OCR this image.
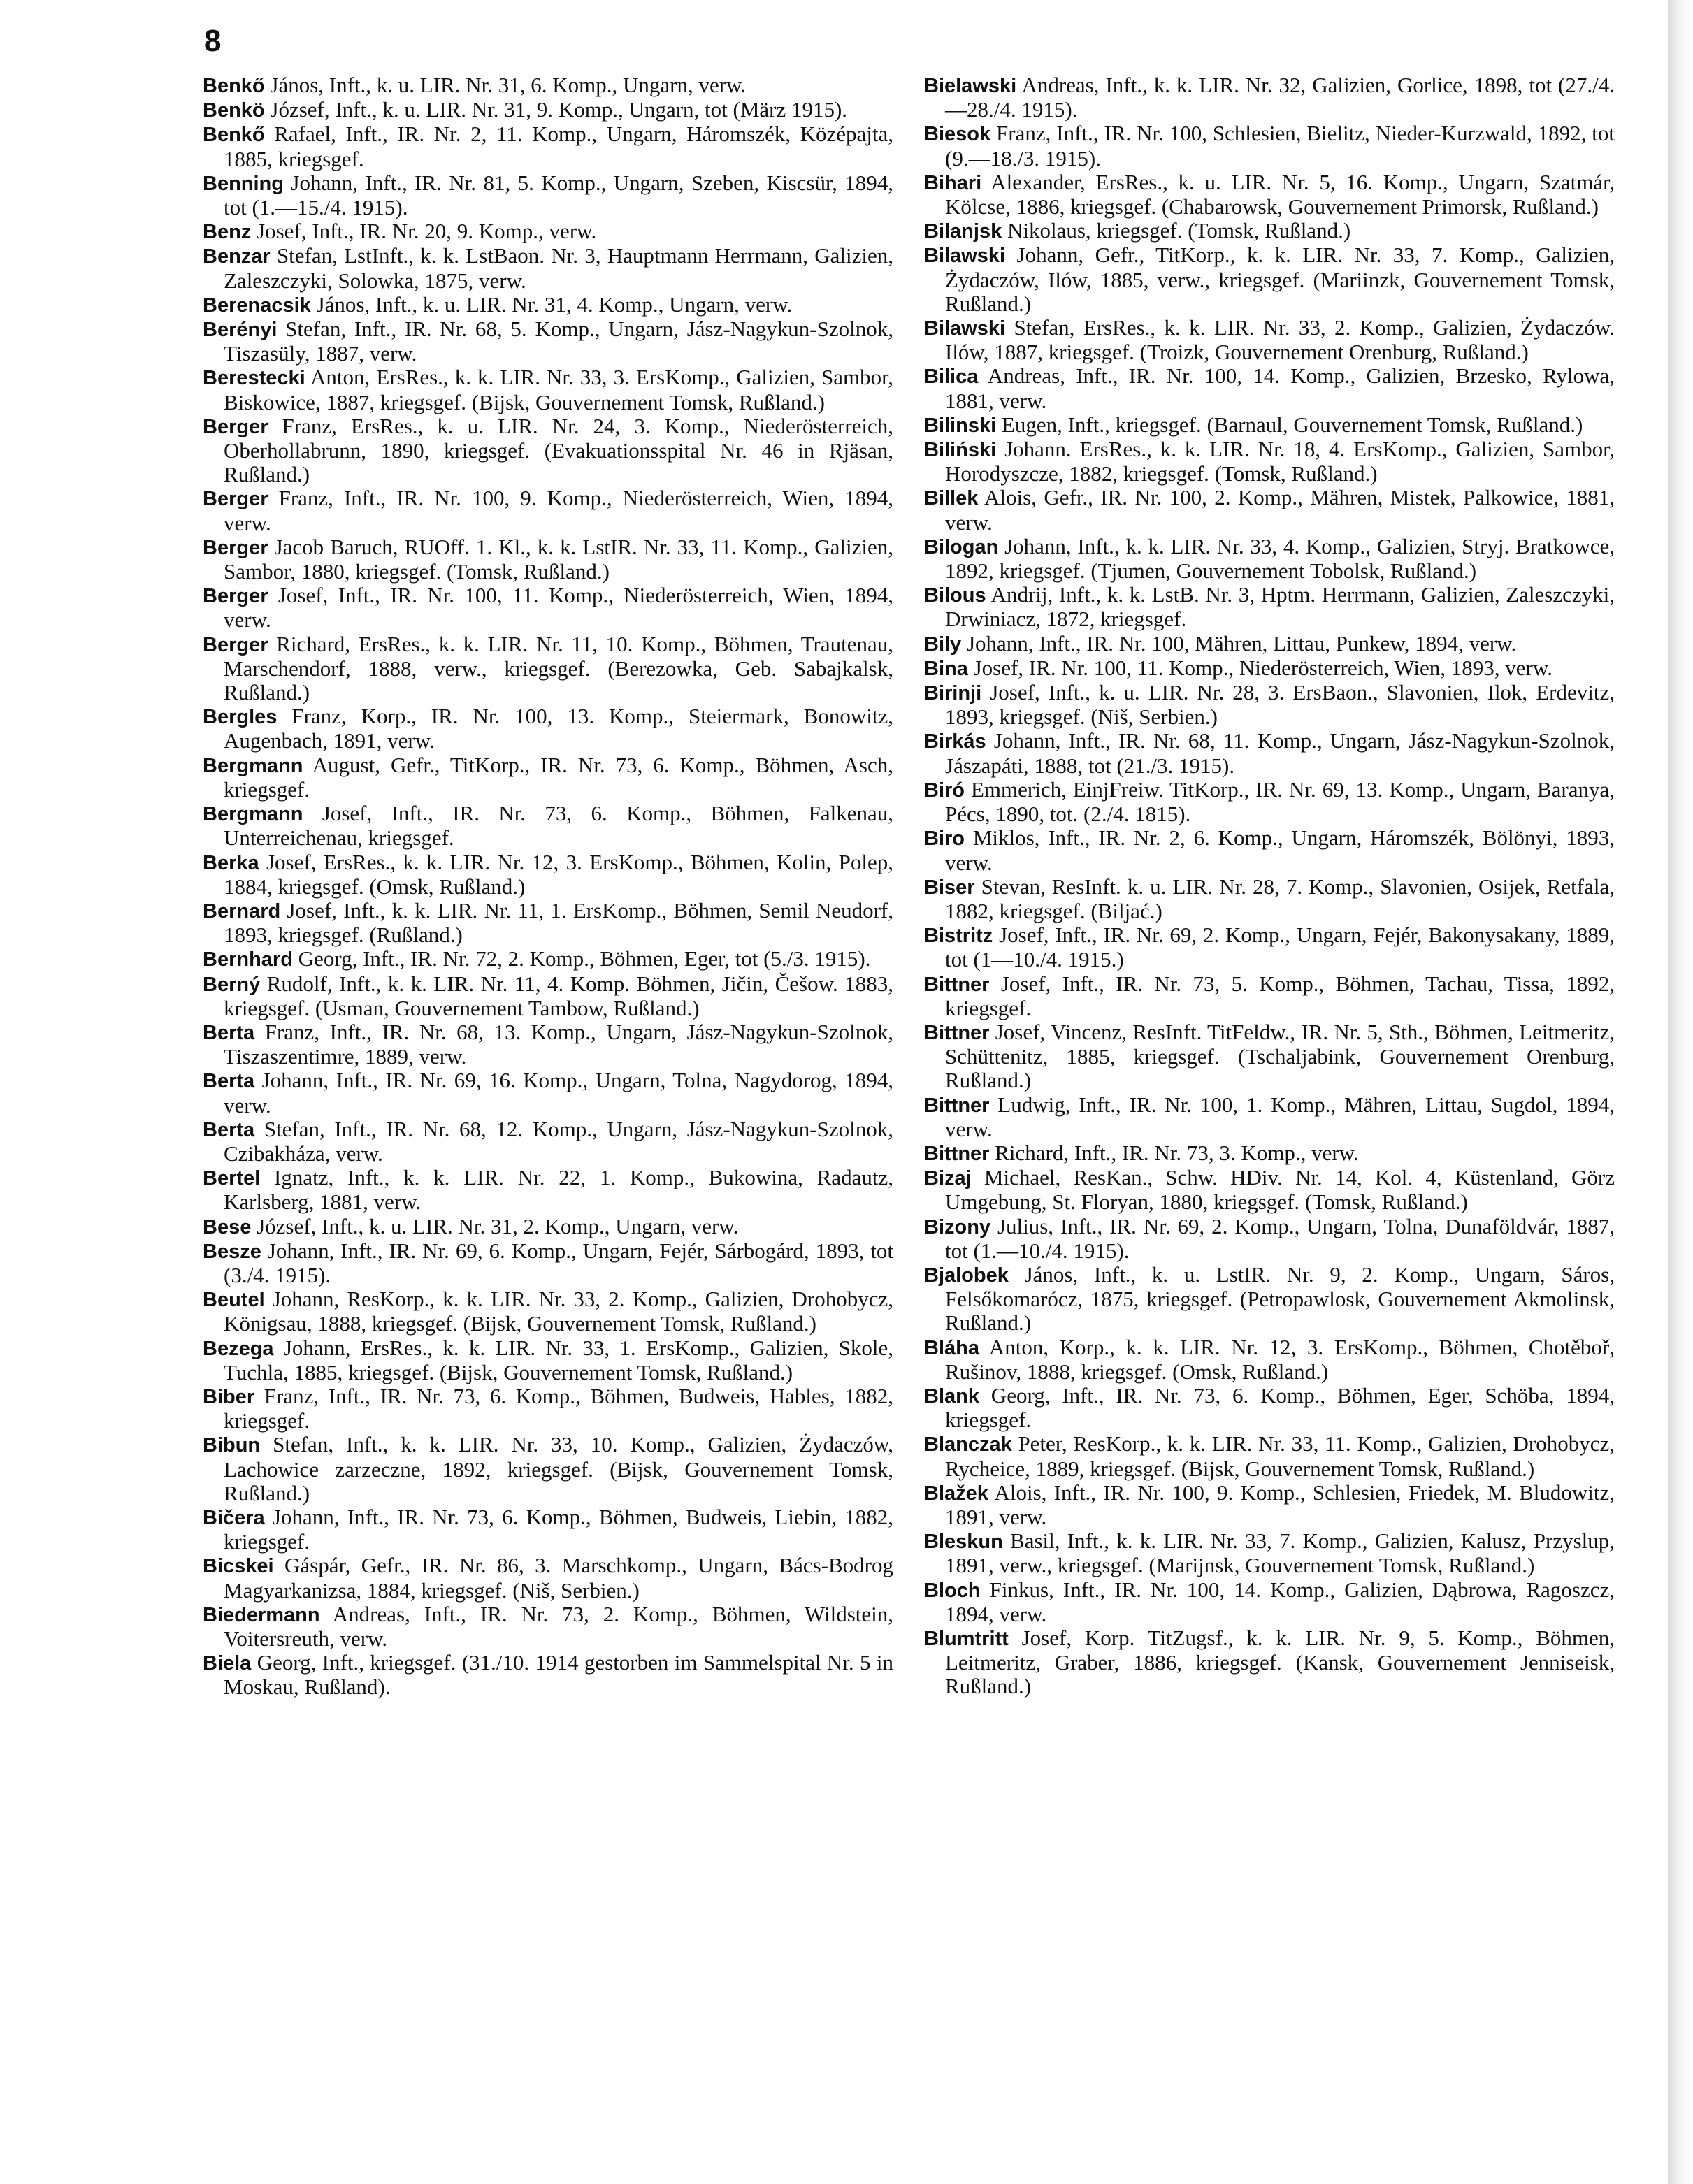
8

Benkő János, Inft., k. u. LIR. Nr. 31, 6. Komp., Ungarn, verw.

Benkö József, Inft., k. u. LIR. Nr. 31, 9. Komp., Ungarn, tot (März 1915).

Benkő Rafael, Inft., IR. Nr. 2, 11. Komp., Ungarn, Háromszék, Középajta, 1885, kriegsgef.

Benning Johann, Inft., IR. Nr. 81, 5. Komp., Ungarn, Szeben, Kiscsür, 1894, tot (1.—15./4. 1915).

Benz Josef, Inft., IR. Nr. 20, 9. Komp., verw.

Benzar Stefan, LstInft., k. k. LstBaon. Nr. 3, Hauptmann Herrmann, Galizien, Zaleszczyki, Solowka, 1875, verw.

Berenacsik János, Inft., k. u. LIR. Nr. 31, 4. Komp., Ungarn, verw.

Berényi Stefan, Inft., IR. Nr. 68, 5. Komp., Ungarn, Jász-Nagykun-Szolnok, Tiszasüly, 1887, verw.

Berestecki Anton, ErsRes., k. k. LIR. Nr. 33, 3. ErsKomp., Galizien, Sambor, Biskowice, 1887, kriegsgef. (Bijsk, Gouvernement Tomsk, Rußland.)

Berger Franz, ErsRes., k. u. LIR. Nr. 24, 3. Komp., Niederösterreich, Oberhollabrunn, 1890, kriegsgef. (Evakuationsspital Nr. 46 in Rjäsan, Rußland.)

Berger Franz, Inft., IR. Nr. 100, 9. Komp., Niederösterreich, Wien, 1894, verw.

Berger Jacob Baruch, RUOff. 1. Kl., k. k. LstIR. Nr. 33, 11. Komp., Galizien, Sambor, 1880, kriegsgef. (Tomsk, Rußland.)

Berger Josef, Inft., IR. Nr. 100, 11. Komp., Niederösterreich, Wien, 1894, verw.

Berger Richard, ErsRes., k. k. LIR. Nr. 11, 10. Komp., Böhmen, Trautenau, Marschendorf, 1888, verw., kriegsgef. (Berezowka, Geb. Sabajkalsk, Rußland.)

Bergles Franz, Korp., IR. Nr. 100, 13. Komp., Steiermark, Bonowitz, Augenbach, 1891, verw.

Bergmann August, Gefr., TitKorp., IR. Nr. 73, 6. Komp., Böhmen, Asch, kriegsgef.

Bergmann Josef, Inft., IR. Nr. 73, 6. Komp., Böhmen, Falkenau, Unterreichenau, kriegsgef.

Berka Josef, ErsRes., k. k. LIR. Nr. 12, 3. ErsKomp., Böhmen, Kolin, Polep, 1884, kriegsgef. (Omsk, Rußland.)

Bernard Josef, Inft., k. k. LIR. Nr. 11, 1. ErsKomp., Böhmen, Semil Neudorf, 1893, kriegsgef. (Rußland.)

Bernhard Georg, Inft., IR. Nr. 72, 2. Komp., Böhmen, Eger, tot (5./3. 1915).

Berný Rudolf, Inft., k. k. LIR. Nr. 11, 4. Komp. Böhmen, Jičin, Češow. 1883, kriegsgef. (Usman, Gouvernement Tambow, Rußland.)

Berta Franz, Inft., IR. Nr. 68, 13. Komp., Ungarn, Jász-Nagykun-Szolnok, Tiszaszentimre, 1889, verw.

Berta Johann, Inft., IR. Nr. 69, 16. Komp., Ungarn, Tolna, Nagydorog, 1894, verw.

Berta Stefan, Inft., IR. Nr. 68, 12. Komp., Ungarn, Jász-Nagykun-Szolnok, Czibakháza, verw.

Bertel Ignatz, Inft., k. k. LIR. Nr. 22, 1. Komp., Bukowina, Radautz, Karlsberg, 1881, verw.

Bese József, Inft., k. u. LIR. Nr. 31, 2. Komp., Ungarn, verw.

Besze Johann, Inft., IR. Nr. 69, 6. Komp., Ungarn, Fejér, Sárbogárd, 1893, tot (3./4. 1915).

Beutel Johann, ResKorp., k. k. LIR. Nr. 33, 2. Komp., Galizien, Drohobycz, Königsau, 1888, kriegsgef. (Bijsk, Gouvernement Tomsk, Rußland.)

Bezega Johann, ErsRes., k. k. LIR. Nr. 33, 1. ErsKomp., Galizien, Skole, Tuchla, 1885, kriegsgef. (Bijsk, Gouvernement Tomsk, Rußland.)

Biber Franz, Inft., IR. Nr. 73, 6. Komp., Böhmen, Budweis, Hables, 1882, kriegsgef.

Bibun Stefan, Inft., k. k. LIR. Nr. 33, 10. Komp., Galizien, Żydaczów, Lachowice zarzeczne, 1892, kriegsgef. (Bijsk, Gouvernement Tomsk, Rußland.)

Bičera Johann, Inft., IR. Nr. 73, 6. Komp., Böhmen, Budweis, Liebin, 1882, kriegsgef.

Bicskei Gáspár, Gefr., IR. Nr. 86, 3. Marschkomp., Ungarn, Bács-Bodrog Magyarkanizsa, 1884, kriegsgef. (Niš, Serbien.)

Biedermann Andreas, Inft., IR. Nr. 73, 2. Komp., Böhmen, Wildstein, Voitersreuth, verw.

Biela Georg, Inft., kriegsgef. (31./10. 1914 gestorben im Sammelspital Nr. 5 in Moskau, Rußland).

Bielawski Andreas, Inft., k. k. LIR. Nr. 32, Galizien, Gorlice, 1898, tot (27./4.—28./4. 1915).

Biesok Franz, Inft., IR. Nr. 100, Schlesien, Bielitz, Nieder-Kurzwald, 1892, tot (9.—18./3. 1915).

Bihari Alexander, ErsRes., k. u. LIR. Nr. 5, 16. Komp., Ungarn, Szatmár, Kölcse, 1886, kriegsgef. (Chabarowsk, Gouvernement Primorsk, Rußland.)

Bilanjsk Nikolaus, kriegsgef. (Tomsk, Rußland.)

Bilawski Johann, Gefr., TitKorp., k. k. LIR. Nr. 33, 7. Komp., Galizien, Żydaczów, Ilów, 1885, verw., kriegsgef. (Mariinzk, Gouvernement Tomsk, Rußland.)

Bilawski Stefan, ErsRes., k. k. LIR. Nr. 33, 2. Komp., Galizien, Żydaczów. Ilów, 1887, kriegsgef. (Troizk, Gouvernement Orenburg, Rußland.)

Bilica Andreas, Inft., IR. Nr. 100, 14. Komp., Galizien, Brzesko, Rylowa, 1881, verw.

Bilinski Eugen, Inft., kriegsgef. (Barnaul, Gouvernement Tomsk, Rußland.)

Biliński Johann. ErsRes., k. k. LIR. Nr. 18, 4. ErsKomp., Galizien, Sambor, Horodyszcze, 1882, kriegsgef. (Tomsk, Rußland.)

Billek Alois, Gefr., IR. Nr. 100, 2. Komp., Mähren, Mistek, Palkowice, 1881, verw.

Bilogan Johann, Inft., k. k. LIR. Nr. 33, 4. Komp., Galizien, Stryj. Bratkowce, 1892, kriegsgef. (Tjumen, Gouvernement Tobolsk, Rußland.)

Bilous Andrij, Inft., k. k. LstB. Nr. 3, Hptm. Herrmann, Galizien, Zaleszczyki, Drwiniacz, 1872, kriegsgef.

Bily Johann, Inft., IR. Nr. 100, Mähren, Littau, Punkew, 1894, verw.

Bina Josef, IR. Nr. 100, 11. Komp., Niederösterreich, Wien, 1893, verw.

Birinji Josef, Inft., k. u. LIR. Nr. 28, 3. ErsBaon., Slavonien, Ilok, Erdevitz, 1893, kriegsgef. (Niš, Serbien.)

Birkás Johann, Inft., IR. Nr. 68, 11. Komp., Ungarn, Jász-Nagykun-Szolnok, Jászapáti, 1888, tot (21./3. 1915).

Biró Emmerich, EinjFreiw. TitKorp., IR. Nr. 69, 13. Komp., Ungarn, Baranya, Pécs, 1890, tot. (2./4. 1815).

Biro Miklos, Inft., IR. Nr. 2, 6. Komp., Ungarn, Háromszék, Bölönyi, 1893, verw.

Biser Stevan, ResInft. k. u. LIR. Nr. 28, 7. Komp., Slavonien, Osijek, Retfala, 1882, kriegsgef. (Biljać.)

Bistritz Josef, Inft., IR. Nr. 69, 2. Komp., Ungarn, Fejér, Bakonysakany, 1889, tot (1—10./4. 1915.)

Bittner Josef, Inft., IR. Nr. 73, 5. Komp., Böhmen, Tachau, Tissa, 1892, kriegsgef.

Bittner Josef, Vincenz, ResInft. TitFeldw., IR. Nr. 5, Sth., Böhmen, Leitmeritz, Schüttenitz, 1885, kriegsgef. (Tschaljabink, Gouvernement Orenburg, Rußland.)

Bittner Ludwig, Inft., IR. Nr. 100, 1. Komp., Mähren, Littau, Sugdol, 1894, verw.

Bittner Richard, Inft., IR. Nr. 73, 3. Komp., verw.

Bizaj Michael, ResKan., Schw. HDiv. Nr. 14, Kol. 4, Küstenland, Görz Umgebung, St. Floryan, 1880, kriegsgef. (Tomsk, Rußland.)

Bizony Julius, Inft., IR. Nr. 69, 2. Komp., Ungarn, Tolna, Dunaföldvár, 1887, tot (1.—10./4. 1915).

Bjalobek János, Inft., k. u. LstIR. Nr. 9, 2. Komp., Ungarn, Sáros, Felsőkomarócz, 1875, kriegsgef. (Petropawlosk, Gouvernement Akmolinsk, Rußland.)

Bláha Anton, Korp., k. k. LIR. Nr. 12, 3. ErsKomp., Böhmen, Chotěboř, Rušinov, 1888, kriegsgef. (Omsk, Rußland.)

Blank Georg, Inft., IR. Nr. 73, 6. Komp., Böhmen, Eger, Schöba, 1894, kriegsgef.

Blanczak Peter, ResKorp., k. k. LIR. Nr. 33, 11. Komp., Galizien, Drohobycz, Rycheice, 1889, kriegsgef. (Bijsk, Gouvernement Tomsk, Rußland.)

Blažek Alois, Inft., IR. Nr. 100, 9. Komp., Schlesien, Friedek, M. Bludowitz, 1891, verw.

Bleskun Basil, Inft., k. k. LIR. Nr. 33, 7. Komp., Galizien, Kalusz, Przyslup, 1891, verw., kriegsgef. (Marijnsk, Gouvernement Tomsk, Rußland.)

Bloch Finkus, Inft., IR. Nr. 100, 14. Komp., Galizien, Dąbrowa, Ragoszcz, 1894, verw.

Blumtritt Josef, Korp. TitZugsf., k. k. LIR. Nr. 9, 5. Komp., Böhmen, Leitmeritz, Graber, 1886, kriegsgef. (Kansk, Gouvernement Jenniseisk, Rußland.)
